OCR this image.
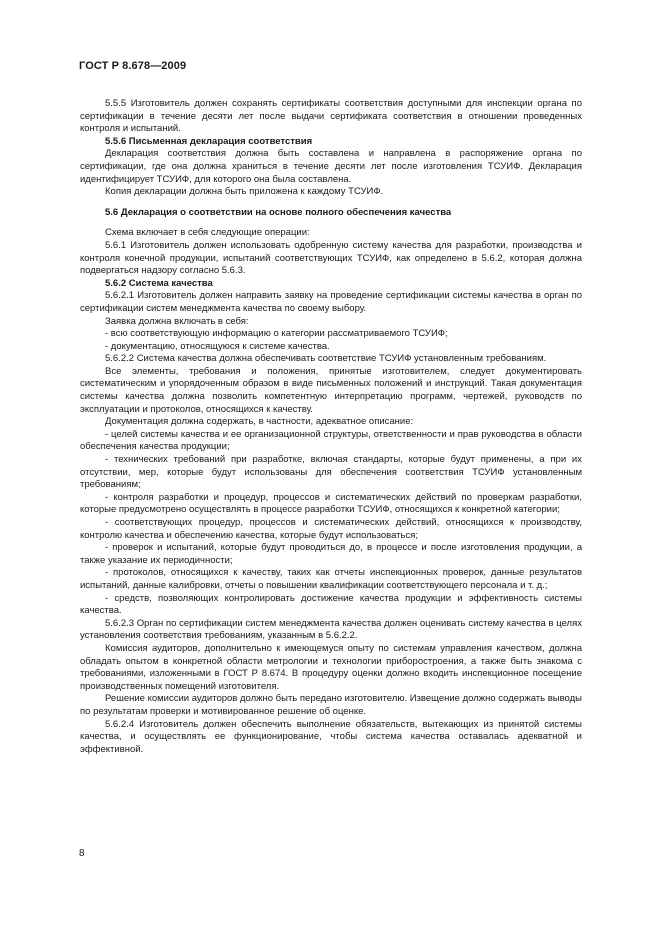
ГОСТ Р 8.678—2009
5.5.5 Изготовитель должен сохранять сертификаты соответствия доступными для инспекции органа по сертификации в течение десяти лет после выдачи сертификата соответствия в отношении проведенных контроля и испытаний.
5.5.6 Письменная декларация соответствия
Декларация соответствия должна быть составлена и направлена в распоряжение органа по сертификации, где она должна храниться в течение десяти лет после изготовления ТСУИФ. Декларация идентифицирует ТСУИФ, для которого она была составлена.
Копия декларации должна быть приложена к каждому ТСУИФ.
5.6 Декларация о соответствии на основе полного обеспечения качества
Схема включает в себя следующие операции:
5.6.1 Изготовитель должен использовать одобренную систему качества для разработки, производства и контроля конечной продукции, испытаний соответствующих ТСУИФ, как определено в 5.6.2, которая должна подвергаться надзору согласно 5.6.3.
5.6.2 Система качества
5.6.2.1 Изготовитель должен направить заявку на проведение сертификации системы качества в орган по сертификации систем менеджмента качества по своему выбору.
Заявка должна включать в себя:
- всю соответствующую информацию о категории рассматриваемого ТСУИФ;
- документацию, относящуюся к системе качества.
5.6.2.2 Система качества должна обеспечивать соответствие ТСУИФ установленным требованиям.
Все элементы, требования и положения, принятые изготовителем, следует документировать систематическим и упорядоченным образом в виде письменных положений и инструкций. Такая документация системы качества должна позволить компетентную интерпретацию программ, чертежей, руководств по эксплуатации и протоколов, относящихся к качеству.
Документация должна содержать, в частности, адекватное описание:
- целей системы качества и ее организационной структуры, ответственности и прав руководства в области обеспечения качества продукции;
- технических требований при разработке, включая стандарты, которые будут применены, а при их отсутствии, мер, которые будут использованы для обеспечения соответствия ТСУИФ установленным требованиям;
- контроля разработки и процедур, процессов и систематических действий по проверкам разработки, которые предусмотрено осуществлять в процессе разработки ТСУИФ, относящихся к конкретной категории;
- соответствующих процедур, процессов и систематических действий, относящихся к производству, контролю качества и обеспечению качества, которые будут использоваться;
- проверок и испытаний, которые будут проводиться до, в процессе и после изготовления продукции, а также указание их периодичности;
- протоколов, относящихся к качеству, таких как отчеты инспекционных проверок, данные результатов испытаний, данные калибровки, отчеты о повышении квалификации соответствующего персонала и т. д.;
- средств, позволяющих контролировать достижение качества продукции и эффективность системы качества.
5.6.2.3 Орган по сертификации систем менеджмента качества должен оценивать систему качества в целях установления соответствия требованиям, указанным в 5.6.2.2.
Комиссия аудиторов, дополнительно к имеющемуся опыту по системам управления качеством, должна обладать опытом в конкретной области метрологии и технологии приборостроения, а также быть знакома с требованиями, изложенными в ГОСТ Р 8.674. В процедуру оценки должно входить инспекционное посещение производственных помещений изготовителя.
Решение комиссии аудиторов должно быть передано изготовителю. Извещение должно содержать выводы по результатам проверки и мотивированное решение об оценке.
5.6.2.4 Изготовитель должен обеспечить выполнение обязательств, вытекающих из принятой системы качества, и осуществлять ее функционирование, чтобы система качества оставалась адекватной и эффективной.
8
